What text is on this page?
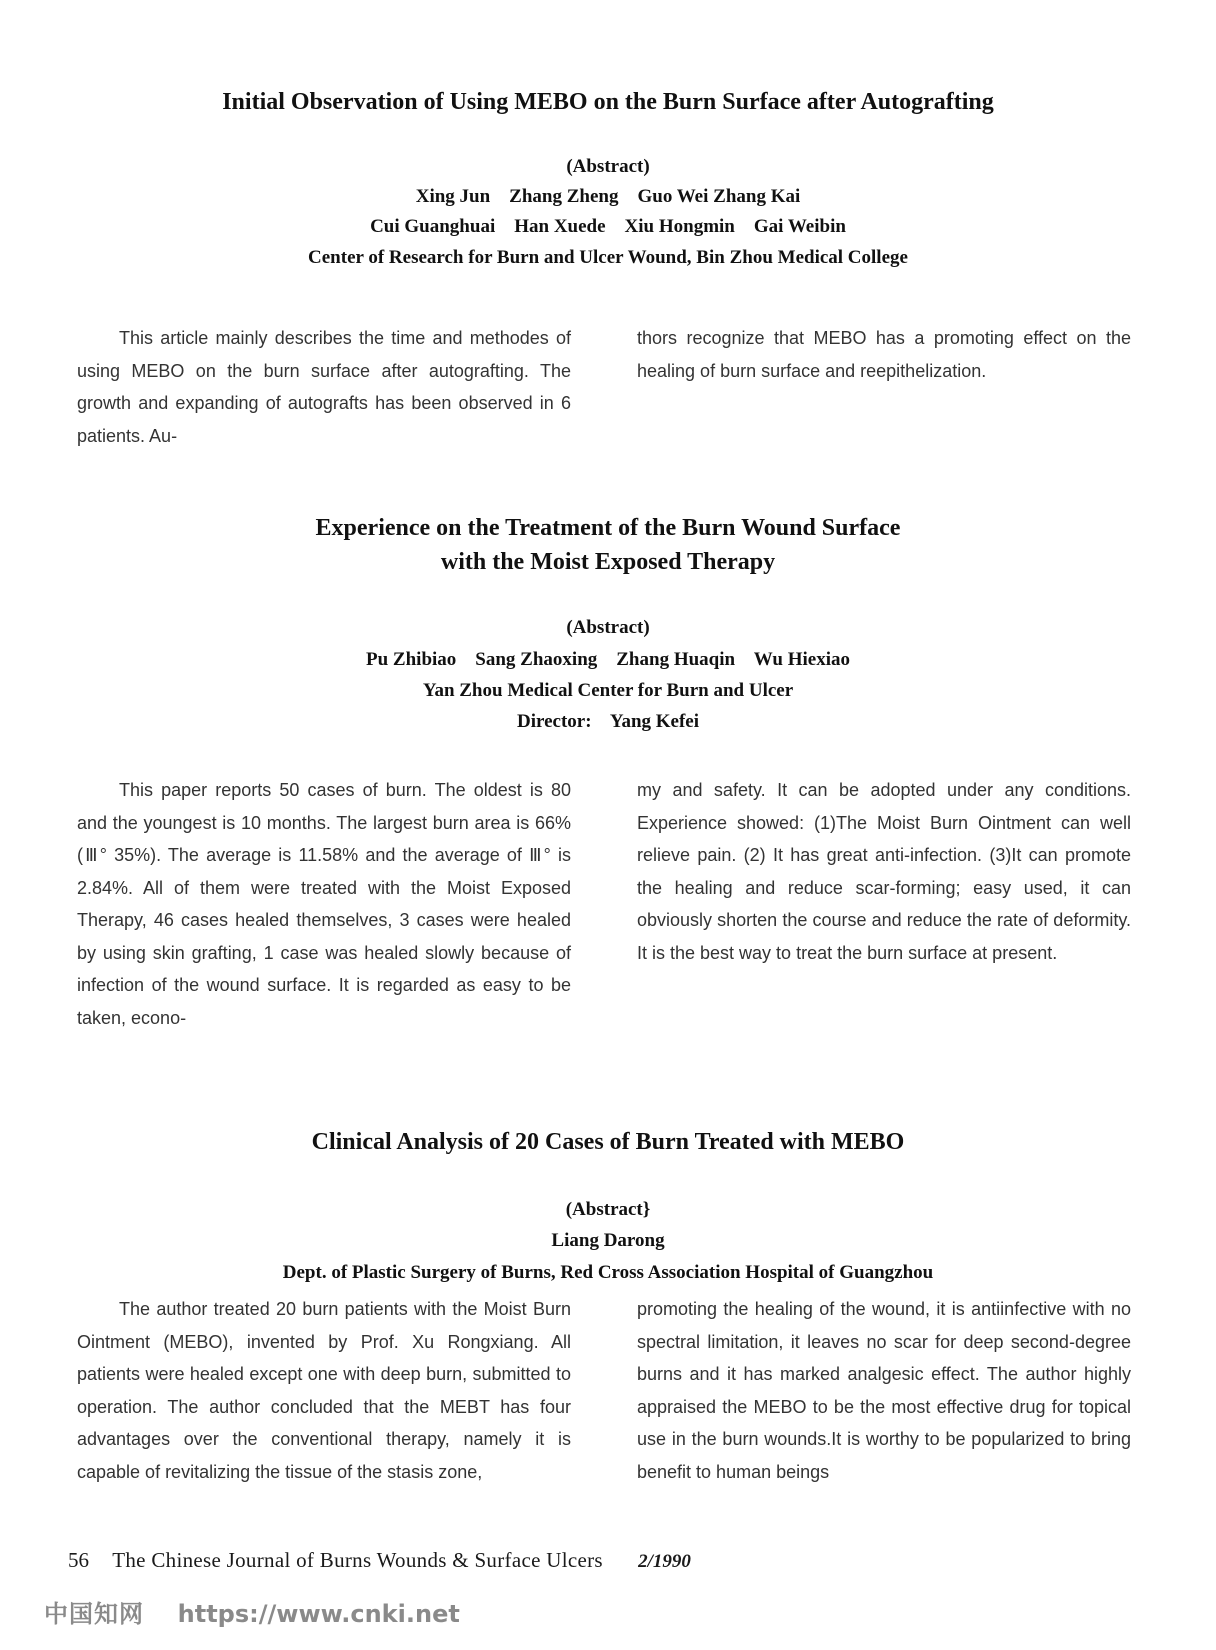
Initial Observation of Using MEBO on the Burn Surface after Autografting
(Abstract)
Xing Jun    Zhang Zheng    Guo Wei Zhang Kai
Cui Guanghuai    Han Xuede    Xiu Hongmin    Gai Weibin
Center of Research for Burn and Ulcer Wound, Bin Zhou Medical College

This article mainly describes the time and methodes of using MEBO on the burn surface after autografting. The growth and expanding of autografts has been observed in 6 patients. Au-

thors recognize that MEBO has a promoting effect on the healing of burn surface and reepithelization.

Experience on the Treatment of the Burn Wound Surface
with the Moist Exposed Therapy
(Abstract)
Pu Zhibiao    Sang Zhaoxing    Zhang Huaqin    Wu Hiexiao
Yan Zhou Medical Center for Burn and Ulcer
Director:    Yang Kefei

This paper reports 50 cases of burn. The oldest is 80 and the youngest is 10 months. The largest burn area is 66% (Ⅲ° 35%). The average is 11.58% and the average of Ⅲ° is 2.84%. All of them were treated with the Moist Exposed Therapy, 46 cases healed themselves, 3 cases were healed by using skin grafting, 1 case was healed slowly because of infection of the wound surface. It is regarded as easy to be taken, econo-

my and safety. It can be adopted under any conditions. Experience showed: (1)The Moist Burn Ointment can well relieve pain. (2) It has great anti-infection. (3)It can promote the healing and reduce scar-forming; easy used, it can obviously shorten the course and reduce the rate of deformity. It is the best way to treat the burn surface at present.

Clinical Analysis of 20 Cases of Burn Treated with MEBO
(Abstract}
Liang Darong
Dept. of Plastic Surgery of Burns, Red Cross Association Hospital of Guangzhou

The author treated 20 burn patients with the Moist Burn Ointment (MEBO), invented by Prof. Xu Rongxiang. All patients were healed except one with deep burn, submitted to operation. The author concluded that the MEBT has four advantages over the conventional therapy, namely it is capable of revitalizing the tissue of the stasis zone,

promoting the healing of the wound, it is antiinfective with no spectral limitation, it leaves no scar for deep second-degree burns and it has marked analgesic effect. The author highly appraised the MEBO to be the most effective drug for topical use in the burn wounds.It is worthy to be popularized to bring benefit to human beings

56 The Chinese Journal of Burns Wounds & Surface Ulcers 2/1990
中国知网 https://www.cnki.net
